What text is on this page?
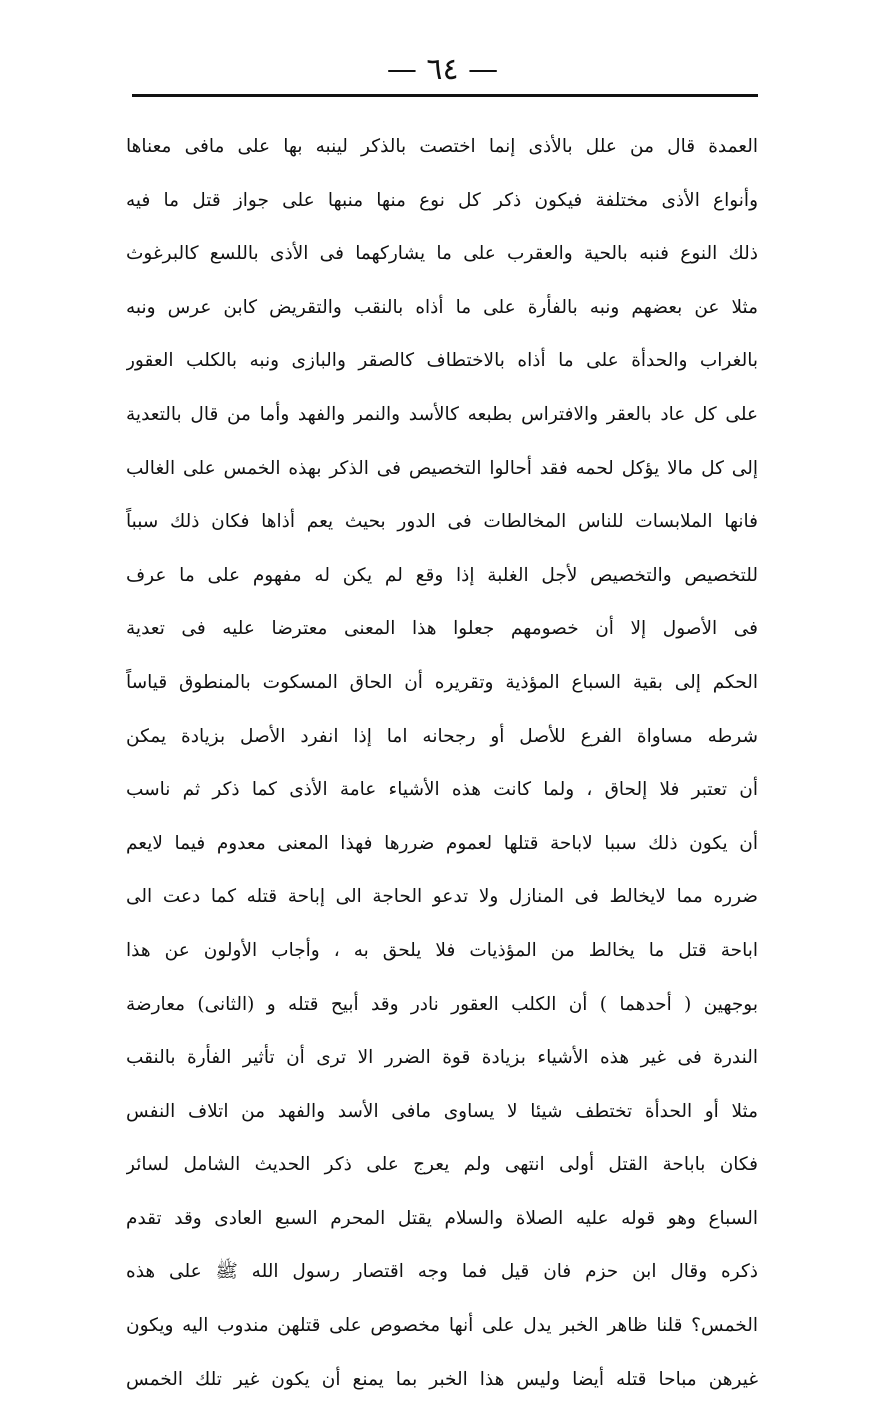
— ٦٤ —
العمدة قال من علل بالأذى إنما اختصت بالذكر لينبه بها على مافى معناها
وأنواع الأذى مختلفة فيكون ذكر كل نوع منها منبها على جواز قتل ما فيه
ذلك النوع فنبه بالحية والعقرب على ما يشاركهما فى الأذى باللسع كالبرغوث
مثلا عن بعضهم ونبه بالفأرة على ما أذاه بالنقب والتقريض كابن عرس ونبه
بالغراب والحدأة على ما أذاه بالاختطاف كالصقر والبازى ونبه بالكلب العقور
على كل عاد بالعقر والافتراس بطبعه كالأسد والنمر والفهد وأما من قال بالتعدية
إلى كل مالا يؤكل لحمه فقد أحالوا التخصيص فى الذكر بهذه الخمس على الغالب
فانها الملابسات للناس المخالطات فى الدور بحيث يعم أذاها فكان ذلك سبباً
للتخصيص والتخصيص لأجل الغلبة إذا وقع لم يكن له مفهوم على ما عرف
فى الأصول إلا أن خصومهم جعلوا هذا المعنى معترضا عليه فى تعدية
الحكم إلى بقية السباع المؤذية وتقريره أن الحاق المسكوت بالمنطوق قياساً
شرطه مساواة الفرع للأصل أو رجحانه اما إذا انفرد الأصل بزيادة يمكن
أن تعتبر فلا إلحاق ، ولما كانت هذه الأشياء عامة الأذى كما ذكر ثم ناسب
أن يكون ذلك سببا لاباحة قتلها لعموم ضررها فهذا المعنى معدوم فيما لايعم
ضرره مما لايخالط فى المنازل ولا تدعو الحاجة الى إباحة قتله كما دعت الى
اباحة قتل ما يخالط من المؤذيات فلا يلحق به ، وأجاب الأولون عن هذا
بوجهين ( أحدهما ) أن الكلب العقور نادر وقد أبيح قتله و (الثانى) معارضة
الندرة فى غير هذه الأشياء بزيادة قوة الضرر الا ترى أن تأثير الفأرة بالنقب
مثلا أو الحدأة تختطف شيئا لا يساوى مافى الأسد والفهد من اتلاف النفس
فكان باباحة القتل أولى انتهى ولم يعرج على ذكر الحديث الشامل لسائر
السباع وهو قوله عليه الصلاة والسلام يقتل المحرم السبع العادى وقد تقدم
ذكره وقال ابن حزم فان قيل فما وجه اقتصار رسول الله ﷺ على هذه
الخمس؟ قلنا ظاهر الخبر يدل على أنها مخصوص على قتلهن مندوب اليه ويكون
غيرهن مباحا قتله أيضا وليس هذا الخبر بما يمنع أن يكون غير تلك الخمس
